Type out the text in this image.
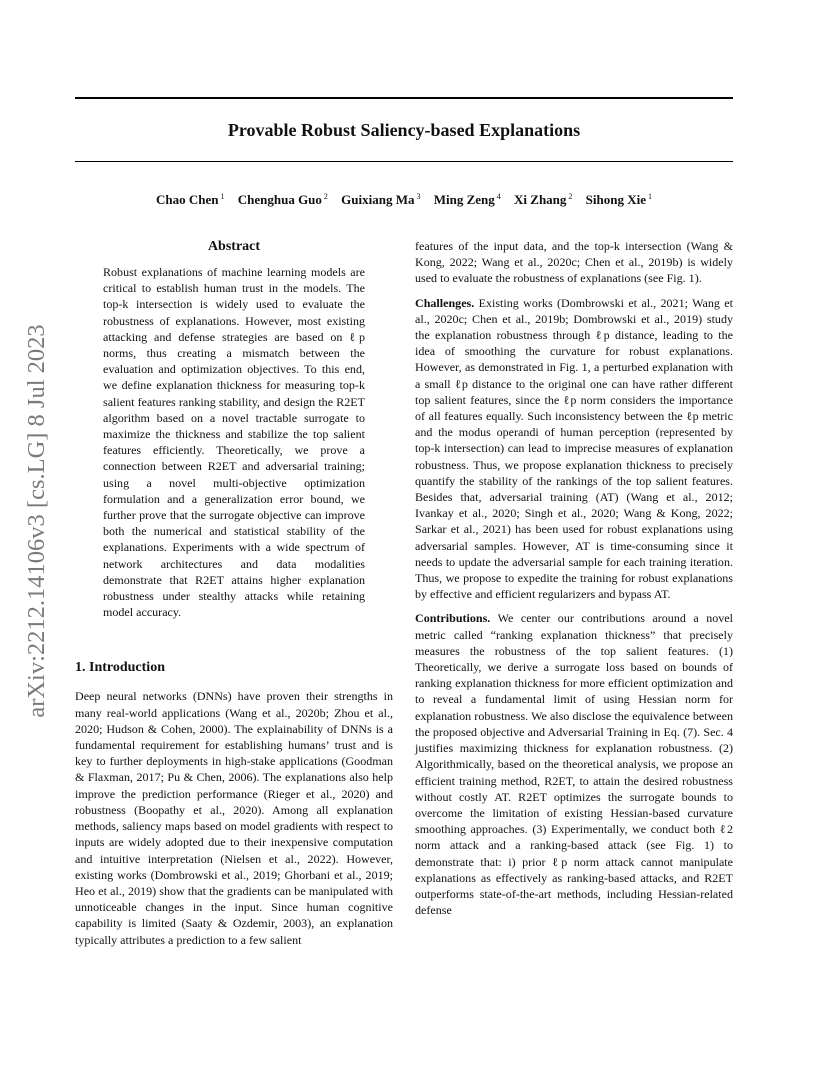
Provable Robust Saliency-based Explanations
Chao Chen $^1$ Chenghua Guo $^2$ Guixiang Ma $^3$ Ming Zeng $^4$ Xi Zhang $^2$ Sihong Xie $^1$
arXiv:2212.14106v3 [cs.LG] 8 Jul 2023
Abstract

Robust explanations of machine learning models are critical to establish human trust in the models. The top-k intersection is widely used to evaluate the robustness of explanations. However, most existing attacking and defense strategies are based on ℓp norms, thus creating a mismatch between the evaluation and optimization objectives. To this end, we define explanation thickness for measuring top-k salient features ranking stability, and design the R2ET algorithm based on a novel tractable surrogate to maximize the thickness and stabilize the top salient features efficiently. Theoretically, we prove a connection between R2ET and adversarial training; using a novel multi-objective optimization formulation and a generalization error bound, we further prove that the surrogate objective can improve both the numerical and statistical stability of the explanations. Experiments with a wide spectrum of network architectures and data modalities demonstrate that R2ET attains higher explanation robustness under stealthy attacks while retaining model accuracy.

1. Introduction

Deep neural networks (DNNs) have proven their strengths in many real-world applications (Wang et al., 2020b; Zhou et al., 2020; Hudson & Cohen, 2000). The explainability of DNNs is a fundamental requirement for establishing humans’ trust and is key to further deployments in high-stake applications (Goodman & Flaxman, 2017; Pu & Chen, 2006). The explanations also help improve the prediction performance (Rieger et al., 2020) and robustness (Boopathy et al., 2020). Among all explanation methods, saliency maps based on model gradients with respect to inputs are widely adopted due to their inexpensive computation and intuitive interpretation (Nielsen et al., 2022). However, existing works (Dombrowski et al., 2019; Ghorbani et al., 2019; Heo et al., 2019) show that the gradients can be manipulated with unnoticeable changes in the input. Since human cognitive capability is limited (Saaty & Ozdemir, 2003), an explanation typically attributes a prediction to a few salient

features of the input data, and the top-k intersection (Wang & Kong, 2022; Wang et al., 2020c; Chen et al., 2019b) is widely used to evaluate the robustness of explanations (see Fig. 1).

Challenges. Existing works (Dombrowski et al., 2021; Wang et al., 2020c; Chen et al., 2019b; Dombrowski et al., 2019) study the explanation robustness through ℓp distance, leading to the idea of smoothing the curvature for robust explanations. However, as demonstrated in Fig. 1, a perturbed explanation with a small ℓp distance to the original one can have rather different top salient features, since the ℓp norm considers the importance of all features equally. Such inconsistency between the ℓp metric and the modus operandi of human perception (represented by top-k intersection) can lead to imprecise measures of explanation robustness. Thus, we propose explanation thickness to precisely quantify the stability of the rankings of the top salient features. Besides that, adversarial training (AT) (Wang et al., 2012; Ivankay et al., 2020; Singh et al., 2020; Wang & Kong, 2022; Sarkar et al., 2021) has been used for robust explanations using adversarial samples. However, AT is time-consuming since it needs to update the adversarial sample for each training iteration. Thus, we propose to expedite the training for robust explanations by effective and efficient regularizers and bypass AT.

Contributions. We center our contributions around a novel metric called “ranking explanation thickness” that precisely measures the robustness of the top salient features. (1) Theoretically, we derive a surrogate loss based on bounds of ranking explanation thickness for more efficient optimization and to reveal a fundamental limit of using Hessian norm for explanation robustness. We also disclose the equivalence between the proposed objective and Adversarial Training in Eq. (7). Sec. 4 justifies maximizing thickness for explanation robustness. (2) Algorithmically, based on the theoretical analysis, we propose an efficient training method, R2ET, to attain the desired robustness without costly AT. R2ET optimizes the surrogate bounds to overcome the limitation of existing Hessian-based curvature smoothing approaches. (3) Experimentally, we conduct both ℓ2 norm attack and a ranking-based attack (see Fig. 1) to demonstrate that: i) prior ℓp norm attack cannot manipulate explanations as effectively as ranking-based attacks, and R2ET outperforms state-of-the-art methods, including Hessian-related defense
